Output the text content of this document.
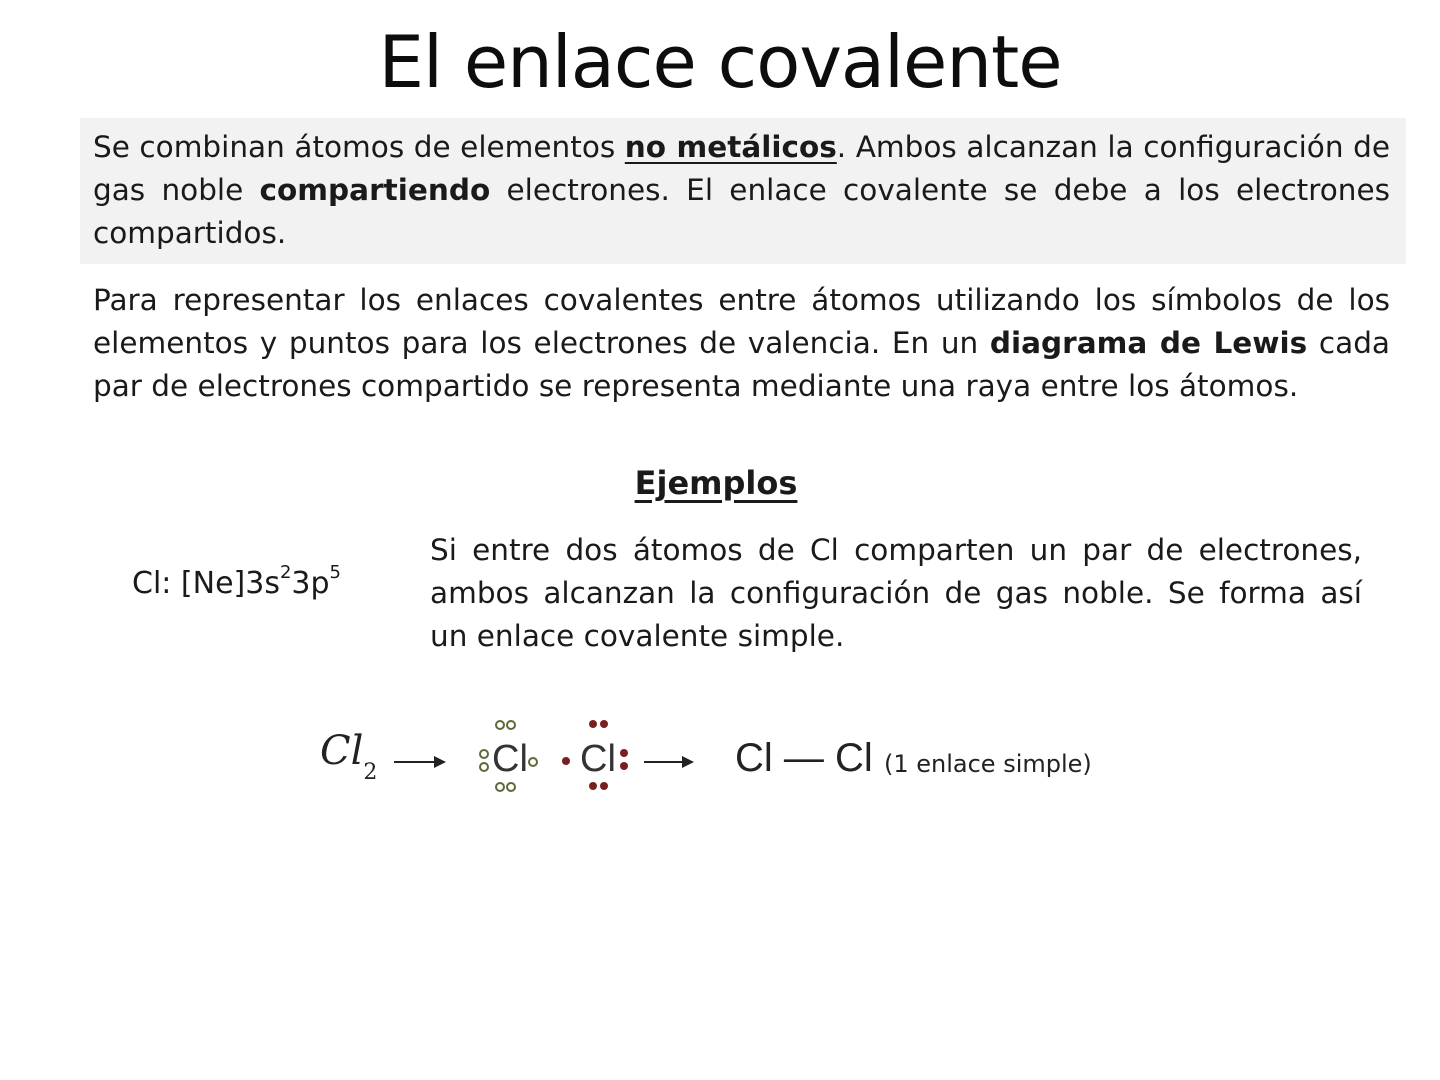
El enlace covalente
Se combinan átomos de elementos no metálicos. Ambos alcanzan la configuración de gas noble compartiendo electrones. El enlace covalente se debe a los electrones compartidos.
Para representar los enlaces covalentes entre átomos utilizando los símbolos de los elementos y puntos para los electrones de valencia. En un diagrama de Lewis cada par de electrones compartido se representa mediante una raya entre los átomos.
Ejemplos
Cl: $[Ne]3s^23p^5$
Si entre dos átomos de Cl comparten un par de electrones, ambos alcanzan la configuración de gas noble. Se forma así un enlace covalente simple.
$Cl_2$	Cl Cl	Cl — Cl (1 enlace simple)
